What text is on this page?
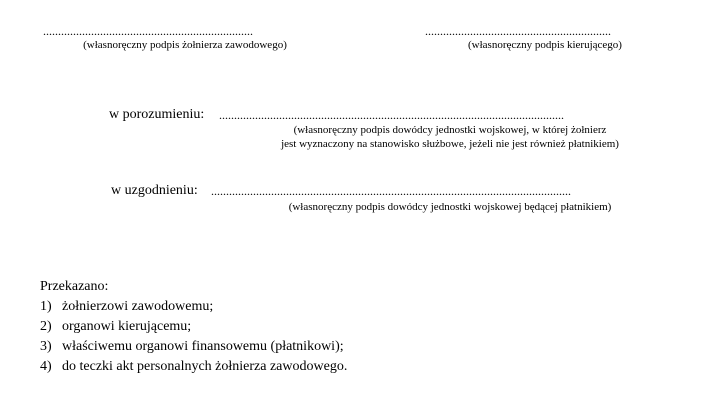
......................................................................
(własnoręczny podpis żołnierza zawodowego)
..............................................................
(własnoręczny podpis kierującego)
w porozumieniu: ...................................................................................................................
(własnoręczny podpis dowódcy jednostki wojskowej, w której żołnierz
jest wyznaczony na stanowisko służbowe, jeżeli nie jest również płatnikiem)
w uzgodnieniu: ........................................................................................................................
(własnoręczny podpis dowódcy jednostki wojskowej będącej płatnikiem)
Przekazano:
1) żołnierzowi zawodowemu;
2) organowi kierującemu;
3) właściwemu organowi finansowemu (płatnikowi);
4) do teczki akt personalnych żołnierza zawodowego.
